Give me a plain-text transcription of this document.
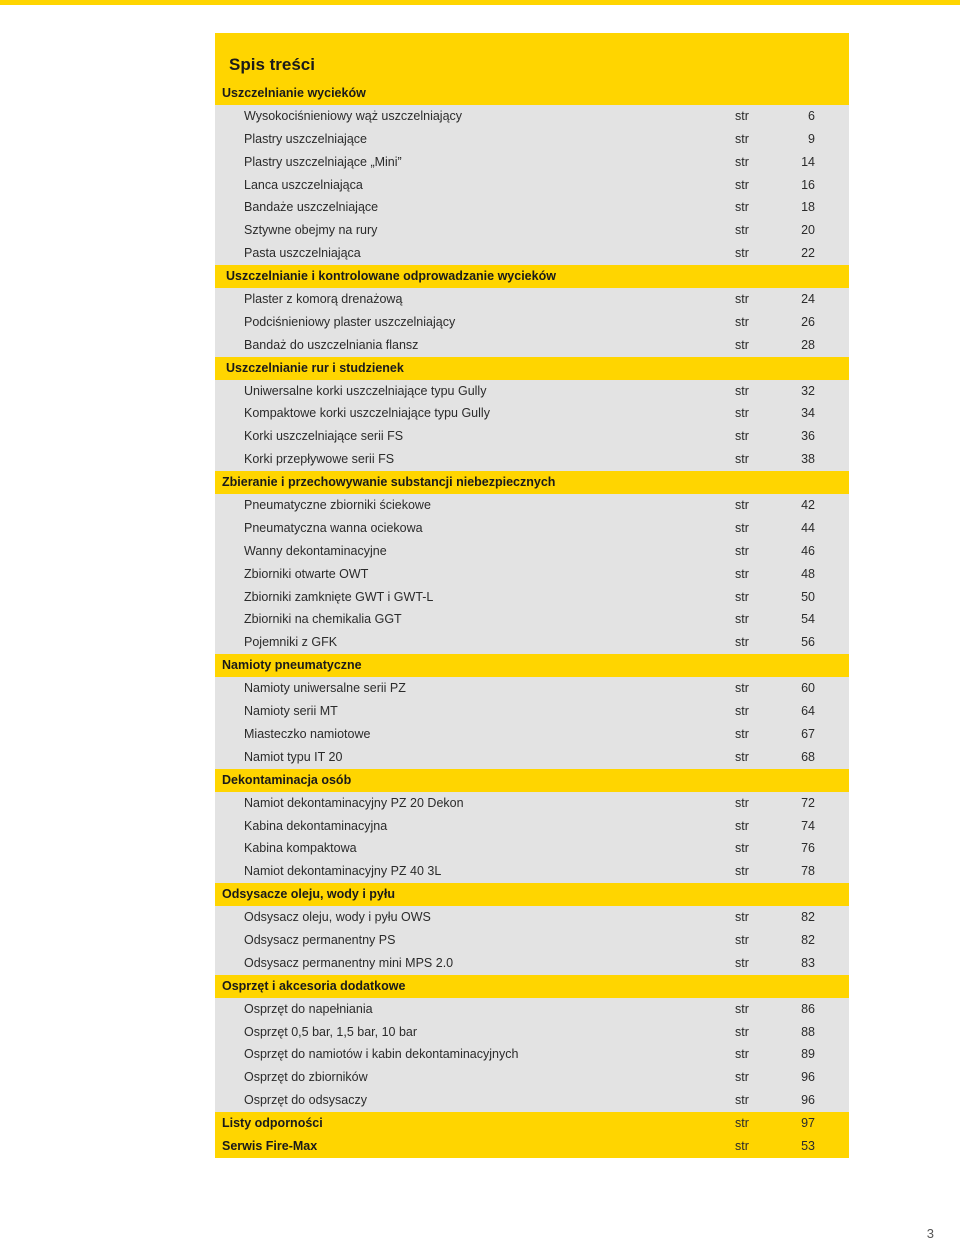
Spis treści
Uszczelnianie wycieków
Wysokociśnieniowy wąż uszczelniający	str	6
Plastry uszczelniające	str	9
Plastry uszczelniające „Mini”	str	14
Lanca uszczelniająca	str	16
Bandaże uszczelniające	str	18
Sztywne obejmy na rury	str	20
Pasta uszczelniająca	str	22
Uszczelnianie i kontrolowane odprowadzanie wycieków
Plaster z komorą drenażową	str	24
Podciśnieniowy plaster uszczelniający	str	26
Bandaż do uszczelniania flansz	str	28
Uszczelnianie rur i studzienek
Uniwersalne korki uszczelniające typu Gully	str	32
Kompaktowe korki uszczelniające typu Gully	str	34
Korki uszczelniające serii FS	str	36
Korki przepływowe serii FS	str	38
Zbieranie i przechowywanie substancji niebezpiecznych
Pneumatyczne zbiorniki ściekowe	str	42
Pneumatyczna wanna ociekowa	str	44
Wanny dekontaminacyjne	str	46
Zbiorniki otwarte OWT	str	48
Zbiorniki zamknięte GWT i GWT-L	str	50
Zbiorniki na chemikalia GGT	str	54
Pojemniki z GFK	str	56
Namioty pneumatyczne
Namioty uniwersalne serii PZ	str	60
Namioty serii MT	str	64
Miasteczko namiotowe	str	67
Namiot typu IT 20	str	68
Dekontaminacja osób
Namiot dekontaminacyjny PZ 20 Dekon	str	72
Kabina dekontaminacyjna	str	74
Kabina kompaktowa	str	76
Namiot dekontaminacyjny PZ 40 3L	str	78
Odsysacze oleju, wody i pyłu
Odsysacz oleju, wody i pyłu OWS	str	82
Odsysacz permanentny PS	str	82
Odsysacz permanentny mini MPS 2.0	str	83
Osprzęt i akcesoria dodatkowe
Osprzęt do napełniania	str	86
Osprzęt 0,5 bar, 1,5 bar, 10 bar	str	88
Osprzęt do namiotów i kabin dekontaminacyjnych	str	89
Osprzęt do zbiorników	str	96
Osprzęt do odsysaczy	str	96
Listy odporności	str	97
Serwis Fire-Max	str	53
3
